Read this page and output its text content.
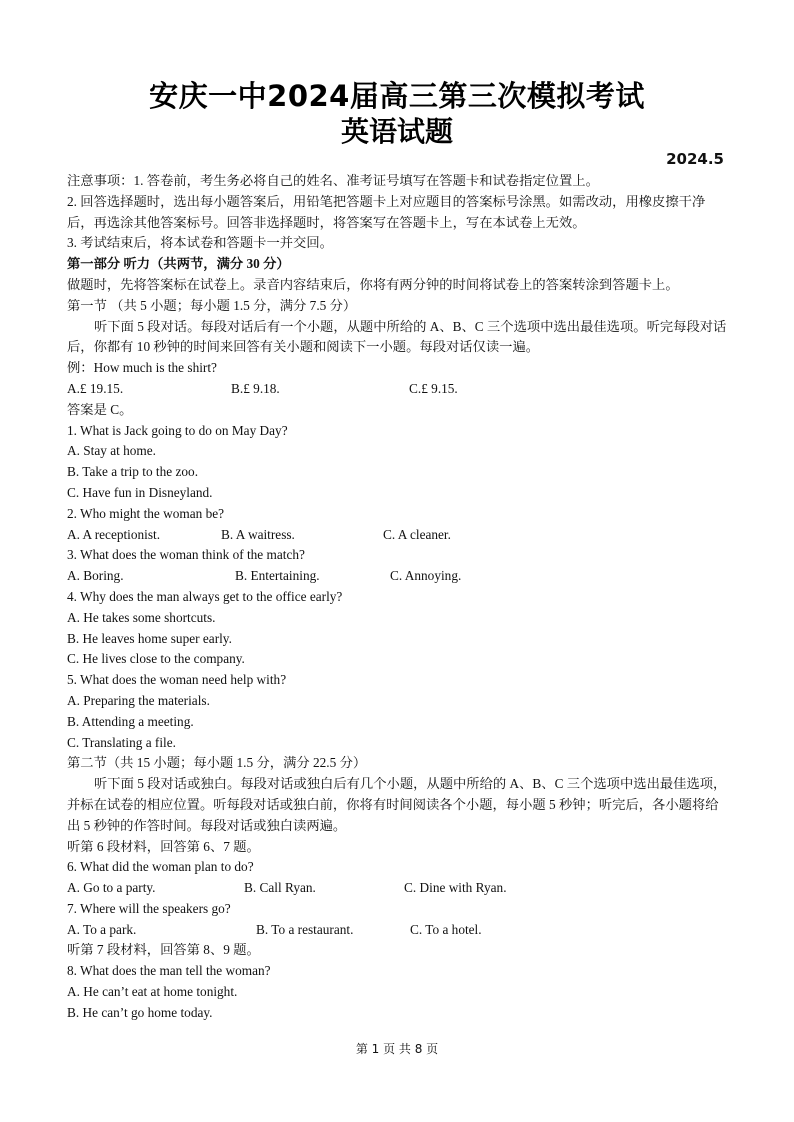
安庆一中2024届高三第三次模拟考试
英语试题
2024.5
注意事项：1. 答卷前，考生务必将自己的姓名、准考证号填写在答题卡和试卷指定位置上。
2. 回答选择题时，选出每小题答案后，用铅笔把答题卡上对应题目的答案标号涂黑。如需改动，用橡皮擦干净后，再选涂其他答案标号。回答非选择题时，将答案写在答题卡上，写在本试卷上无效。
3. 考试结束后，将本试卷和答题卡一并交回。
第一部分 听力（共两节，满分 30 分）
做题时，先将答案标在试卷上。录音内容结束后，你将有两分钟的时间将试卷上的答案转涂到答题卡上。
第一节 （共 5 小题；每小题 1.5 分，满分 7.5 分）
听下面 5 段对话。每段对话后有一个小题，从题中所给的 A、B、C 三个选项中选出最佳选项。听完每段对话后，你都有 10 秒钟的时间来回答有关小题和阅读下一小题。每段对话仅读一遍。
例：How much is the shirt?
A.£ 19.15.	B.£ 9.18.	C.£ 9.15.
答案是 C。
1. What is Jack going to do on May Day?
A. Stay at home.
B. Take a trip to the zoo.
C. Have fun in Disneyland.
2. Who might the woman be?
A. A receptionist.	B. A waitress.	C. A cleaner.
3. What does the woman think of the match?
A. Boring.	B. Entertaining.	C. Annoying.
4. Why does the man always get to the office early?
A. He takes some shortcuts.
B. He leaves home super early.
C. He lives close to the company.
5. What does the woman need help with?
A. Preparing the materials.
B. Attending a meeting.
C. Translating a file.
第二节（共 15 小题；每小题 1.5 分，满分 22.5 分）
听下面 5 段对话或独白。每段对话或独白后有几个小题，从题中所给的 A、B、C 三个选项中选出最佳选项，并标在试卷的相应位置。听每段对话或独白前，你将有时间阅读各个小题，每小题 5 秒钟；听完后，各小题将给出 5 秒钟的作答时间。每段对话或独白读两遍。
听第 6 段材料，回答第 6、7 题。
6. What did the woman plan to do?
A. Go to a party.	B. Call Ryan.	C. Dine with Ryan.
7. Where will the speakers go?
A. To a park.	B. To a restaurant.	C. To a hotel.
听第 7 段材料，回答第 8、9 题。
8. What does the man tell the woman?
A. He can’t eat at home tonight.
B. He can’t go home today.
第 1 页 共 8 页
